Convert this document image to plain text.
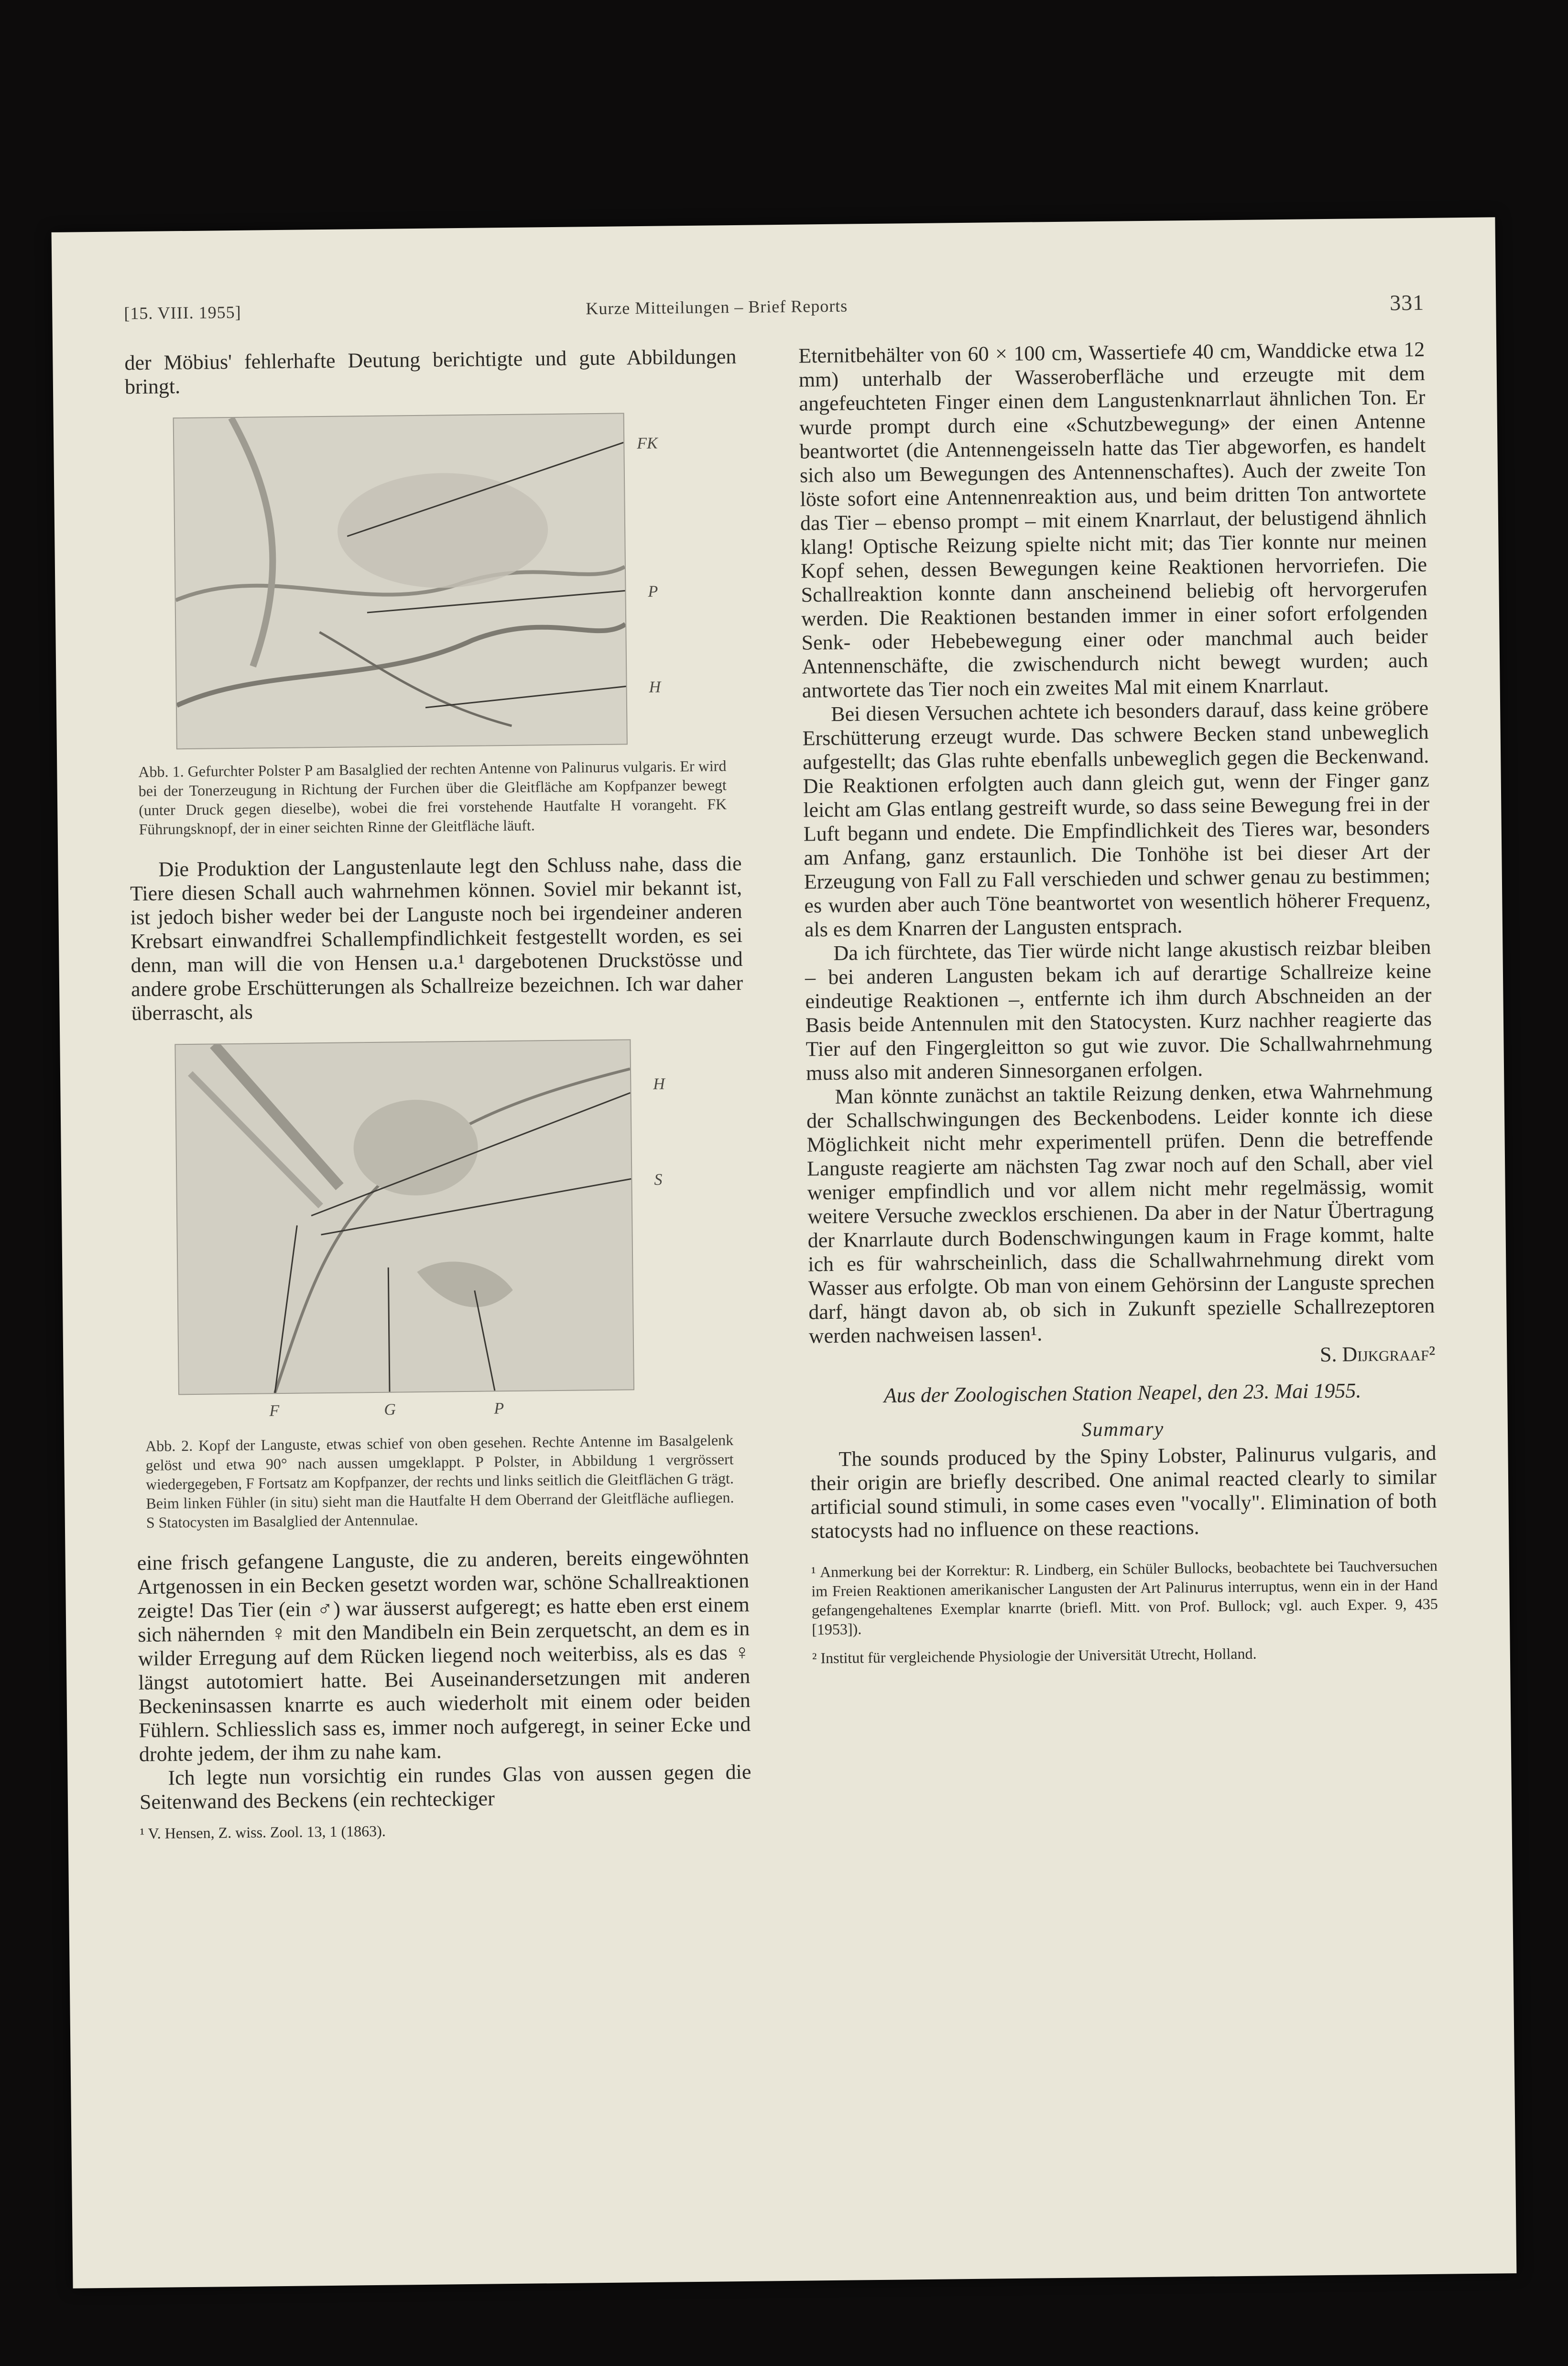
[15. VIII. 1955]	Kurze Mitteilungen – Brief Reports	331

der Möbius' fehlerhafte Deutung berichtigte und gute Abbildungen bringt.

FK
P
H

Abb. 1. Gefurchter Polster P am Basalglied der rechten Antenne von Palinurus vulgaris. Er wird bei der Tonerzeugung in Richtung der Furchen über die Gleitfläche am Kopfpanzer bewegt (unter Druck gegen dieselbe), wobei die frei vorstehende Hautfalte H vorangeht. FK Führungsknopf, der in einer seichten Rinne der Gleitfläche läuft.

Die Produktion der Langustenlaute legt den Schluss nahe, dass die Tiere diesen Schall auch wahrnehmen können. Soviel mir bekannt ist, ist jedoch bisher weder bei der Languste noch bei irgendeiner anderen Krebsart einwandfrei Schallempfindlichkeit festgestellt worden, es sei denn, man will die von Hensen u.a.¹ dargebotenen Druckstösse und andere grobe Erschütterungen als Schallreize bezeichnen. Ich war daher überrascht, als

H
S
F	G	P

Abb. 2. Kopf der Languste, etwas schief von oben gesehen. Rechte Antenne im Basalgelenk gelöst und etwa 90° nach aussen umgeklappt. P Polster, in Abbildung 1 vergrössert wiedergegeben, F Fortsatz am Kopfpanzer, der rechts und links seitlich die Gleitflächen G trägt. Beim linken Fühler (in situ) sieht man die Hautfalte H dem Oberrand der Gleitfläche aufliegen. S Statocysten im Basalglied der Antennulae.

eine frisch gefangene Languste, die zu anderen, bereits eingewöhnten Artgenossen in ein Becken gesetzt worden war, schöne Schallreaktionen zeigte! Das Tier (ein ♂) war äusserst aufgeregt; es hatte eben erst einem sich nähernden ♀ mit den Mandibeln ein Bein zerquetscht, an dem es in wilder Erregung auf dem Rücken liegend noch weiterbiss, als es das ♀ längst autotomiert hatte. Bei Auseinandersetzungen mit anderen Beckeninsassen knarrte es auch wiederholt mit einem oder beiden Fühlern. Schliesslich sass es, immer noch aufgeregt, in seiner Ecke und drohte jedem, der ihm zu nahe kam.

Ich legte nun vorsichtig ein rundes Glas von aussen gegen die Seitenwand des Beckens (ein rechteckiger

¹ V. Hensen, Z. wiss. Zool. 13, 1 (1863).

Eternitbehälter von 60 × 100 cm, Wassertiefe 40 cm, Wanddicke etwa 12 mm) unterhalb der Wasseroberfläche und erzeugte mit dem angefeuchteten Finger einen dem Langustenknarrlaut ähnlichen Ton. Er wurde prompt durch eine «Schutzbewegung» der einen Antenne beantwortet (die Antennengeisseln hatte das Tier abgeworfen, es handelt sich also um Bewegungen des Antennenschaftes). Auch der zweite Ton löste sofort eine Antennenreaktion aus, und beim dritten Ton antwortete das Tier – ebenso prompt – mit einem Knarrlaut, der belustigend ähnlich klang! Optische Reizung spielte nicht mit; das Tier konnte nur meinen Kopf sehen, dessen Bewegungen keine Reaktionen hervorriefen. Die Schallreaktion konnte dann anscheinend beliebig oft hervorgerufen werden. Die Reaktionen bestanden immer in einer sofort erfolgenden Senk- oder Hebebewegung einer oder manchmal auch beider Antennenschäfte, die zwischendurch nicht bewegt wurden; auch antwortete das Tier noch ein zweites Mal mit einem Knarrlaut.

Bei diesen Versuchen achtete ich besonders darauf, dass keine gröbere Erschütterung erzeugt wurde. Das schwere Becken stand unbeweglich aufgestellt; das Glas ruhte ebenfalls unbeweglich gegen die Beckenwand. Die Reaktionen erfolgten auch dann gleich gut, wenn der Finger ganz leicht am Glas entlang gestreift wurde, so dass seine Bewegung frei in der Luft begann und endete. Die Empfindlichkeit des Tieres war, besonders am Anfang, ganz erstaunlich. Die Tonhöhe ist bei dieser Art der Erzeugung von Fall zu Fall verschieden und schwer genau zu bestimmen; es wurden aber auch Töne beantwortet von wesentlich höherer Frequenz, als es dem Knarren der Langusten entsprach.

Da ich fürchtete, das Tier würde nicht lange akustisch reizbar bleiben – bei anderen Langusten bekam ich auf derartige Schallreize keine eindeutige Reaktionen –, entfernte ich ihm durch Abschneiden an der Basis beide Antennulen mit den Statocysten. Kurz nachher reagierte das Tier auf den Fingergleitton so gut wie zuvor. Die Schallwahrnehmung muss also mit anderen Sinnesorganen erfolgen.

Man könnte zunächst an taktile Reizung denken, etwa Wahrnehmung der Schallschwingungen des Beckenbodens. Leider konnte ich diese Möglichkeit nicht mehr experimentell prüfen. Denn die betreffende Languste reagierte am nächsten Tag zwar noch auf den Schall, aber viel weniger empfindlich und vor allem nicht mehr regelmässig, womit weitere Versuche zwecklos erschienen. Da aber in der Natur Übertragung der Knarrlaute durch Bodenschwingungen kaum in Frage kommt, halte ich es für wahrscheinlich, dass die Schallwahrnehmung direkt vom Wasser aus erfolgte. Ob man von einem Gehörsinn der Languste sprechen darf, hängt davon ab, ob sich in Zukunft spezielle Schallrezeptoren werden nachweisen lassen¹.

S. Dijkgraaf²

Aus der Zoologischen Station Neapel, den 23. Mai 1955.

Summary

The sounds produced by the Spiny Lobster, Palinurus vulgaris, and their origin are briefly described. One animal reacted clearly to similar artificial sound stimuli, in some cases even "vocally". Elimination of both statocysts had no influence on these reactions.

¹ Anmerkung bei der Korrektur: R. Lindberg, ein Schüler Bullocks, beobachtete bei Tauchversuchen im Freien Reaktionen amerikanischer Langusten der Art Palinurus interruptus, wenn ein in der Hand gefangengehaltenes Exemplar knarrte (briefl. Mitt. von Prof. Bullock; vgl. auch Exper. 9, 435 [1953]).

² Institut für vergleichende Physiologie der Universität Utrecht, Holland.
